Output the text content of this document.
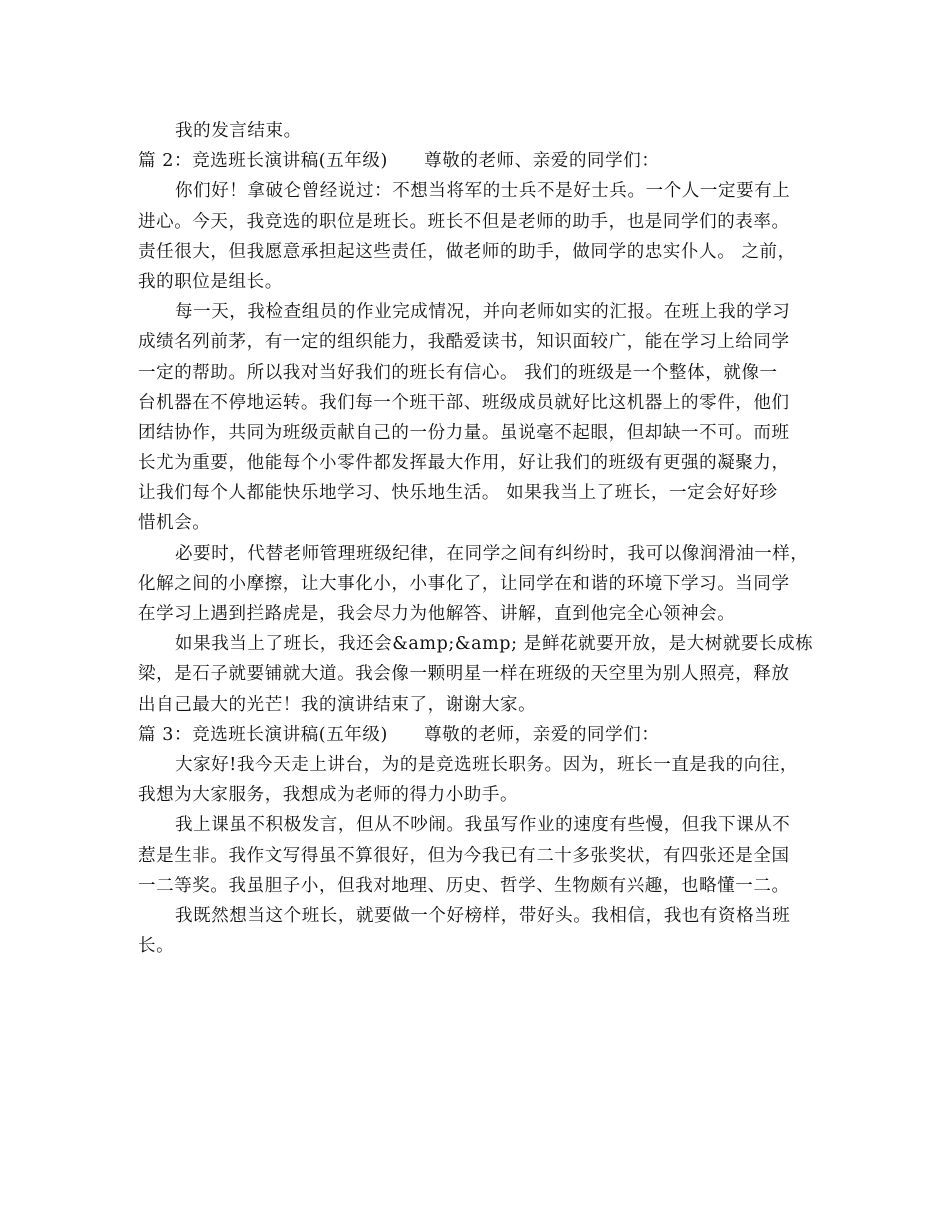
我的发言结束。
篇 2：竞选班长演讲稿(五年级)　　尊敬的老师、亲爱的同学们：
你们好！拿破仑曾经说过：不想当将军的士兵不是好士兵。一个人一定要有上
进心。今天，我竞选的职位是班长。班长不但是老师的助手，也是同学们的表率。
责任很大，但我愿意承担起这些责任，做老师的助手，做同学的忠实仆人。 之前，
我的职位是组长。
每一天，我检查组员的作业完成情况，并向老师如实的汇报。在班上我的学习
成绩名列前茅，有一定的组织能力，我酷爱读书，知识面较广，能在学习上给同学
一定的帮助。所以我对当好我们的班长有信心。 我们的班级是一个整体，就像一
台机器在不停地运转。我们每一个班干部、班级成员就好比这机器上的零件，他们
团结协作，共同为班级贡献自己的一份力量。虽说毫不起眼，但却缺一不可。而班
长尤为重要，他能每个小零件都发挥最大作用，好让我们的班级有更强的凝聚力，
让我们每个人都能快乐地学习、快乐地生活。 如果我当上了班长，一定会好好珍
惜机会。
必要时，代替老师管理班级纪律，在同学之间有纠纷时，我可以像润滑油一样，
化解之间的小摩擦，让大事化小，小事化了，让同学在和谐的环境下学习。当同学
在学习上遇到拦路虎是，我会尽力为他解答、讲解，直到他完全心领神会。
如果我当上了班长，我还会&amp;&amp; 是鲜花就要开放，是大树就要长成栋
梁，是石子就要铺就大道。我会像一颗明星一样在班级的天空里为别人照亮，释放
出自己最大的光芒！我的演讲结束了，谢谢大家。
篇 3：竞选班长演讲稿(五年级)　　尊敬的老师，亲爱的同学们：
大家好!我今天走上讲台，为的是竞选班长职务。因为，班长一直是我的向往，
我想为大家服务，我想成为老师的得力小助手。
我上课虽不积极发言，但从不吵闹。我虽写作业的速度有些慢，但我下课从不
惹是生非。我作文写得虽不算很好，但为今我已有二十多张奖状，有四张还是全国
一二等奖。我虽胆子小，但我对地理、历史、哲学、生物颇有兴趣，也略懂一二。
我既然想当这个班长，就要做一个好榜样，带好头。我相信，我也有资格当班
长。
